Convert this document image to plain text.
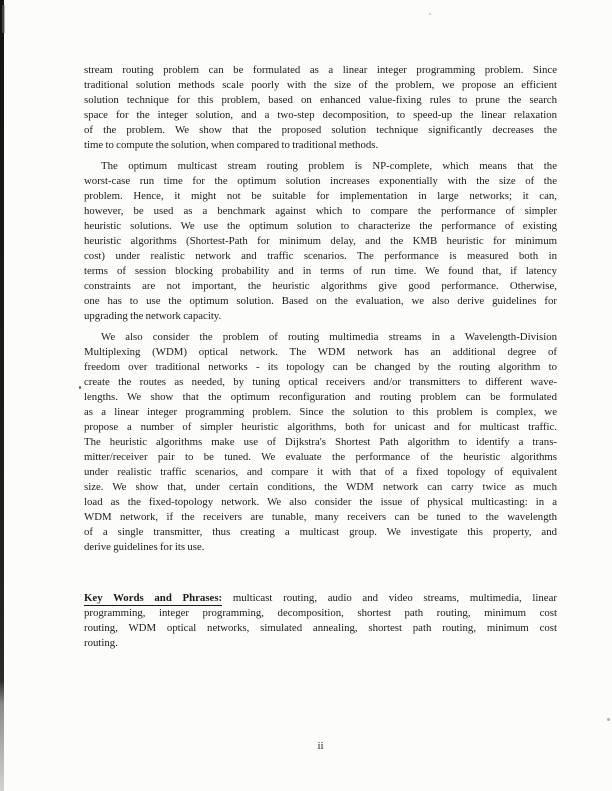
stream routing problem can be formulated as a linear integer programming problem. Since
traditional solution methods scale poorly with the size of the problem, we propose an efficient
solution technique for this problem, based on enhanced value-fixing rules to prune the search
space for the integer solution, and a two-step decomposition, to speed-up the linear relaxation
of the problem. We show that the proposed solution technique significantly decreases the
time to compute the solution, when compared to traditional methods.
The optimum multicast stream routing problem is NP-complete, which means that the
worst-case run time for the optimum solution increases exponentially with the size of the
problem. Hence, it might not be suitable for implementation in large networks; it can,
however, be used as a benchmark against which to compare the performance of simpler
heuristic solutions. We use the optimum solution to characterize the performance of existing
heuristic algorithms (Shortest-Path for minimum delay, and the KMB heuristic for minimum
cost) under realistic network and traffic scenarios. The performance is measured both in
terms of session blocking probability and in terms of run time. We found that, if latency
constraints are not important, the heuristic algorithms give good performance. Otherwise,
one has to use the optimum solution. Based on the evaluation, we also derive guidelines for
upgrading the network capacity.
We also consider the problem of routing multimedia streams in a Wavelength-Division
Multiplexing (WDM) optical network. The WDM network has an additional degree of
freedom over traditional networks - its topology can be changed by the routing algorithm to
create the routes as needed, by tuning optical receivers and/or transmitters to different wave-
lengths. We show that the optimum reconfiguration and routing problem can be formulated
as a linear integer programming problem. Since the solution to this problem is complex, we
propose a number of simpler heuristic algorithms, both for unicast and for multicast traffic.
The heuristic algorithms make use of Dijkstra's Shortest Path algorithm to identify a trans-
mitter/receiver pair to be tuned. We evaluate the performance of the heuristic algorithms
under realistic traffic scenarios, and compare it with that of a fixed topology of equivalent
size. We show that, under certain conditions, the WDM network can carry twice as much
load as the fixed-topology network. We also consider the issue of physical multicasting: in a
WDM network, if the receivers are tunable, many receivers can be tuned to the wavelength
of a single transmitter, thus creating a multicast group. We investigate this property, and
derive guidelines for its use.
Key Words and Phrases: multicast routing, audio and video streams, multimedia, linear
programming, integer programming, decomposition, shortest path routing, minimum cost
routing, WDM optical networks, simulated annealing, shortest path routing, minimum cost
routing.
ii
